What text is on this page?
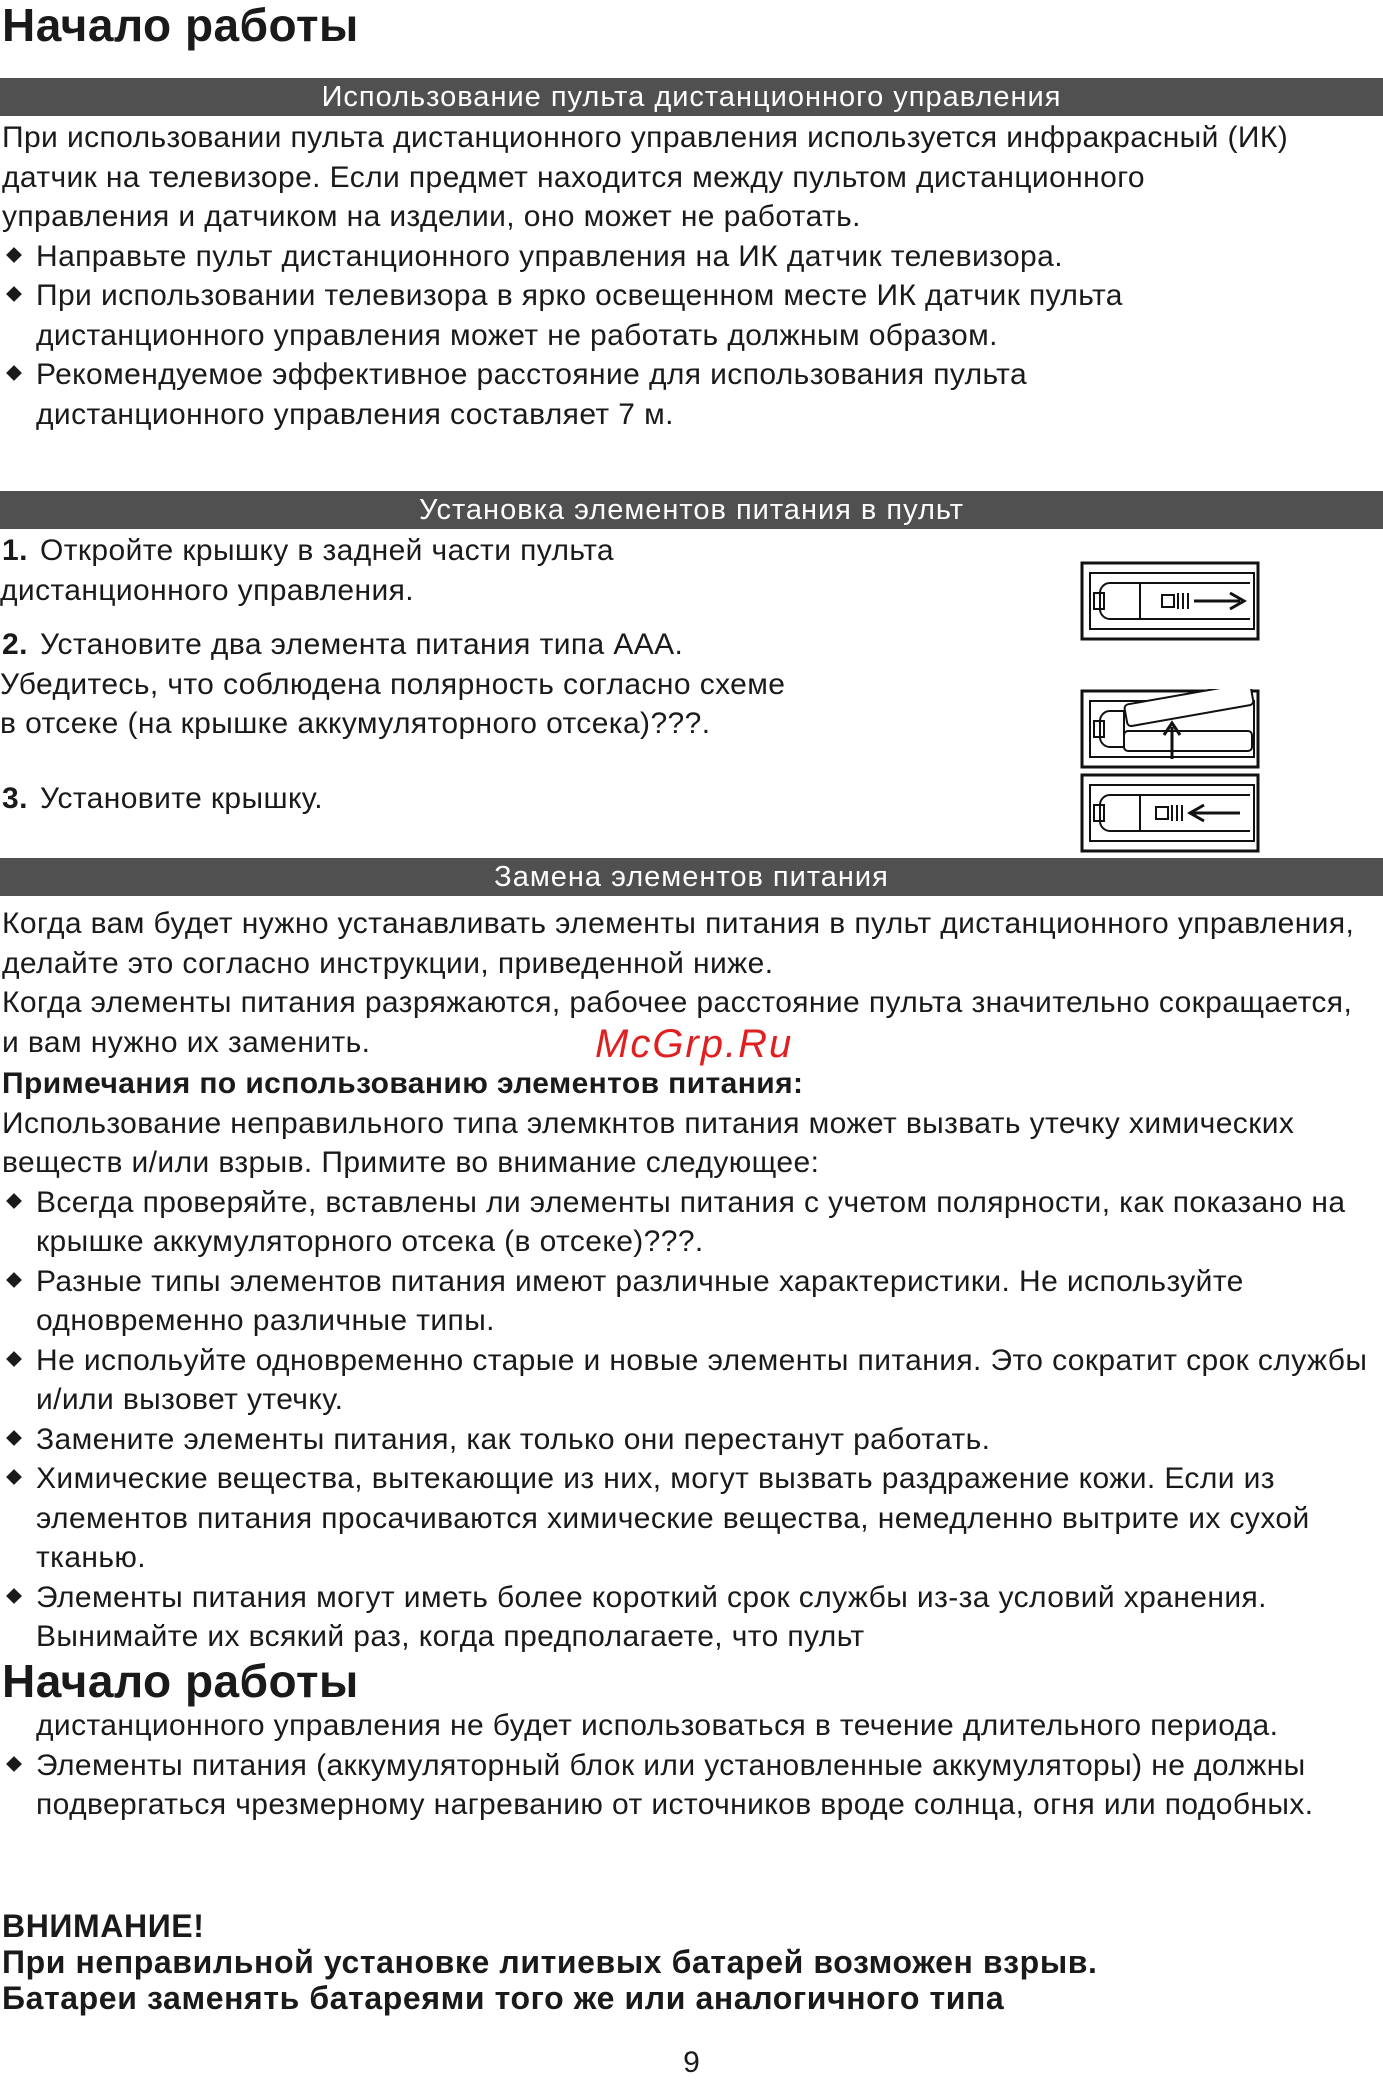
Начало работы
Использование пульта дистанционного управления

При использовании пульта дистанционного управления используется инфракрасный (ИК) датчик на телевизоре. Если предмет находится между пультом дистанционного управления и датчиком на изделии, оно может не работать.

Направьте пульт дистанционного управления на ИК датчик телевизора.
При использовании телевизора в ярко освещенном месте ИК датчик пульта дистанционного управления может не работать должным образом.
Рекомендуемое эффективное расстояние для использования пульта дистанционного управления составляет 7 м.
Установка элементов питания в пульт
1. Откройте крышку в задней части пульта дистанционного управления.
2. Установите два элемента питания типа AAA. Убедитесь, что соблюдена полярность согласно схеме в отсеке (на крышке аккумуляторного отсека)???.
3. Установите крышку.
Замена элементов питания

Когда вам будет нужно устанавливать элементы питания в пульт дистанционного управления, делайте это согласно инструкции, приведенной ниже.

Когда элементы питания разряжаются, рабочее расстояние пульта значительно сокращается, и вам нужно их заменить.

Примечания по использованию элементов питания:

Использование неправильного типа элемкнтов питания может вызвать утечку химических веществ и/или взрыв. Примите во внимание следующее:

Всегда проверяйте, вставлены ли элементы питания с учетом полярности, как показано на крышке аккумуляторного отсека (в отсеке)???.
Разные типы элементов питания имеют различные характеристики. Не используйте одновременно различные типы.
Не испольуйте одновременно старые и новые элементы питания. Это сократит срок службы и/или вызовет утечку.
Замените элементы питания, как только они перестанут работать.
Химические вещества, вытекающие из них, могут вызвать раздражение кожи. Если из элементов питания просачиваются химические вещества, немедленно вытрите их сухой тканью.
Элементы питания могут иметь более короткий срок службы из-за условий хранения. Вынимайте их всякий раз, когда предполагаете, что пульт
Начало работы

дистанционного управления не будет использоваться в течение длительного периода.

Элементы питания (аккумуляторный блок или установленные аккумуляторы) не должны подвергаться чрезмерному нагреванию от источников вроде солнца, огня или подобных.

ВНИМАНИЕ!

При неправильной установке литиевых батарей возможен взрыв.

Батареи заменять батареями того же или аналогичного типа

McGrp.Ru
9
